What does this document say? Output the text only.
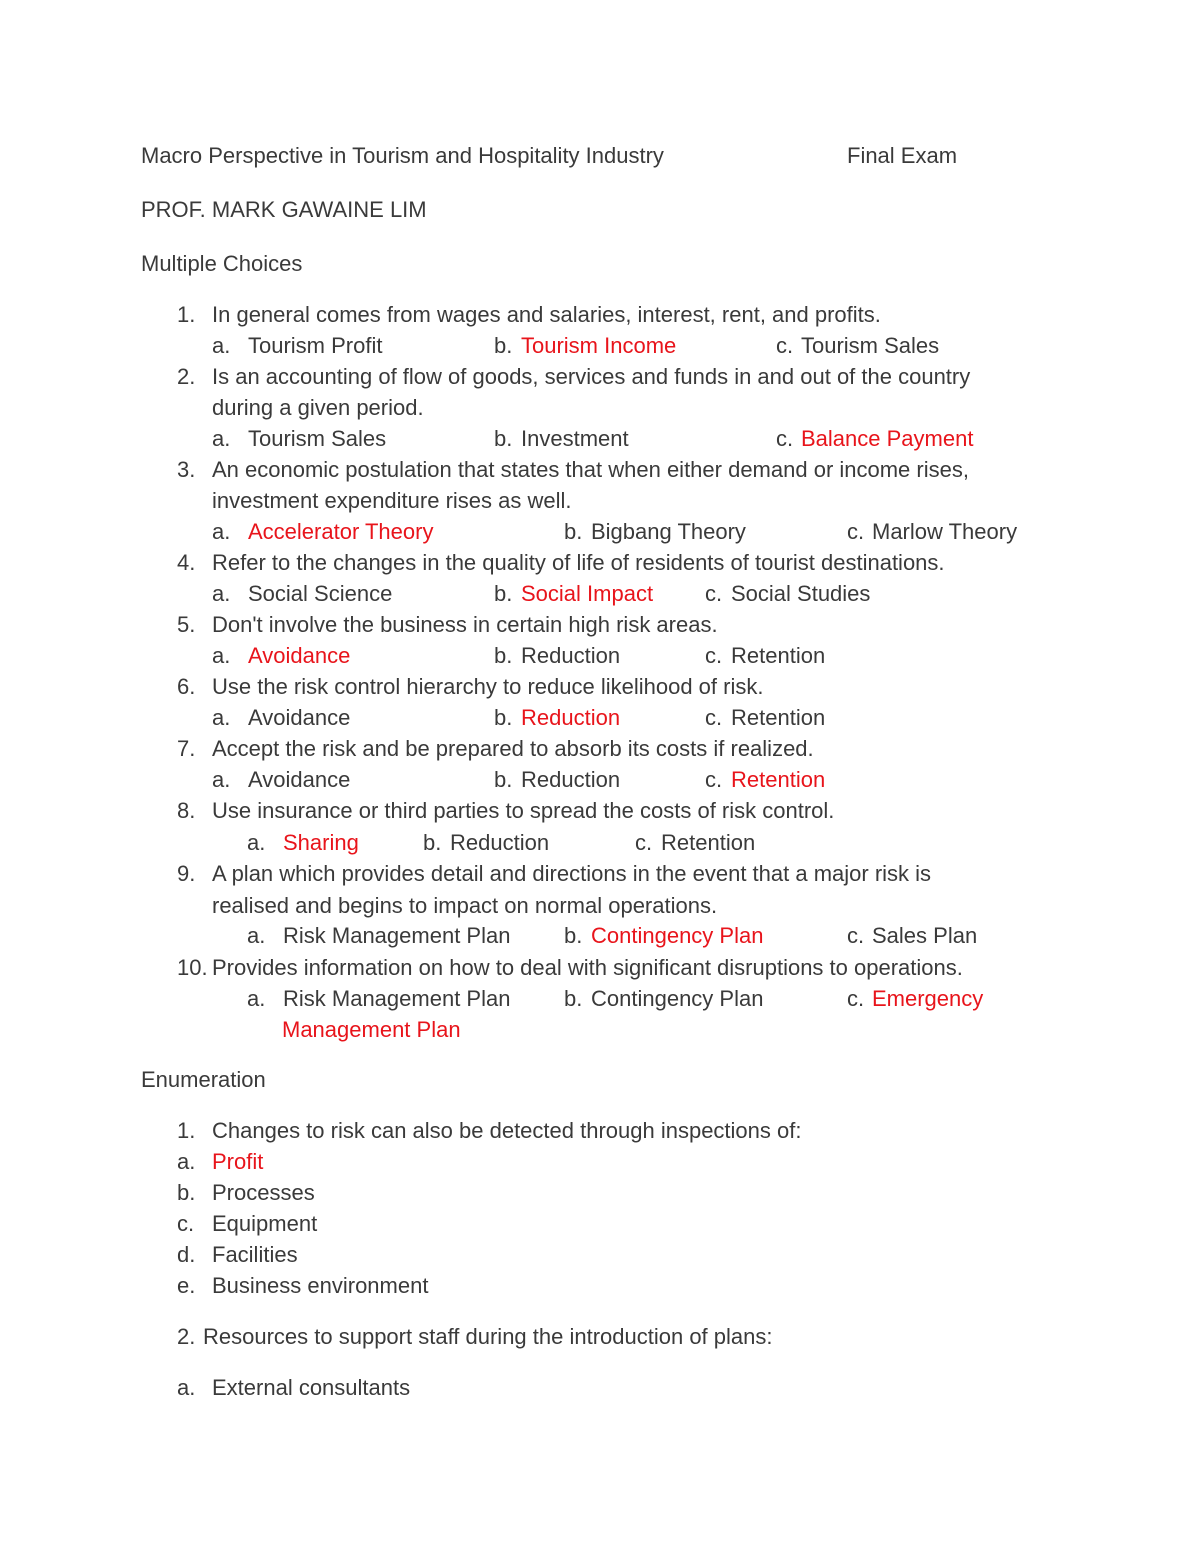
Macro Perspective in Tourism and Hospitality Industry	Final Exam
PROF. MARK GAWAINE LIM
Multiple Choices
1. In general comes from wages and salaries, interest, rent, and profits.
a. Tourism Profit	b. Tourism Income	c. Tourism Sales
2. Is an accounting of flow of goods, services and funds in and out of the country
during a given period.
a. Tourism Sales	b. Investment	c. Balance Payment
3. An economic postulation that states that when either demand or income rises,
investment expenditure rises as well.
a. Accelerator Theory	b. Bigbang Theory	c. Marlow Theory
4. Refer to the changes in the quality of life of residents of tourist destinations.
a. Social Science	b. Social Impact c. Social Studies
5. Don't involve the business in certain high risk areas.
a. Avoidance	b. Reduction	c. Retention
6. Use the risk control hierarchy to reduce likelihood of risk.
a. Avoidance	b. Reduction	c. Retention
7. Accept the risk and be prepared to absorb its costs if realized.
a. Avoidance	b. Reduction	c. Retention
8. Use insurance or third parties to spread the costs of risk control.
a. Sharing	b. Reduction	c. Retention
9. A plan which provides detail and directions in the event that a major risk is
realised and begins to impact on normal operations.
a. Risk Management Plan b. Contingency Plan	c. Sales Plan
10. Provides information on how to deal with significant disruptions to operations.
a. Risk Management Plan b. Contingency Plan	c. Emergency
Management Plan
Enumeration
1. Changes to risk can also be detected through inspections of:
a. Profit
b. Processes
c. Equipment
d. Facilities
e. Business environment
2. Resources to support staff during the introduction of plans:
a. External consultants
